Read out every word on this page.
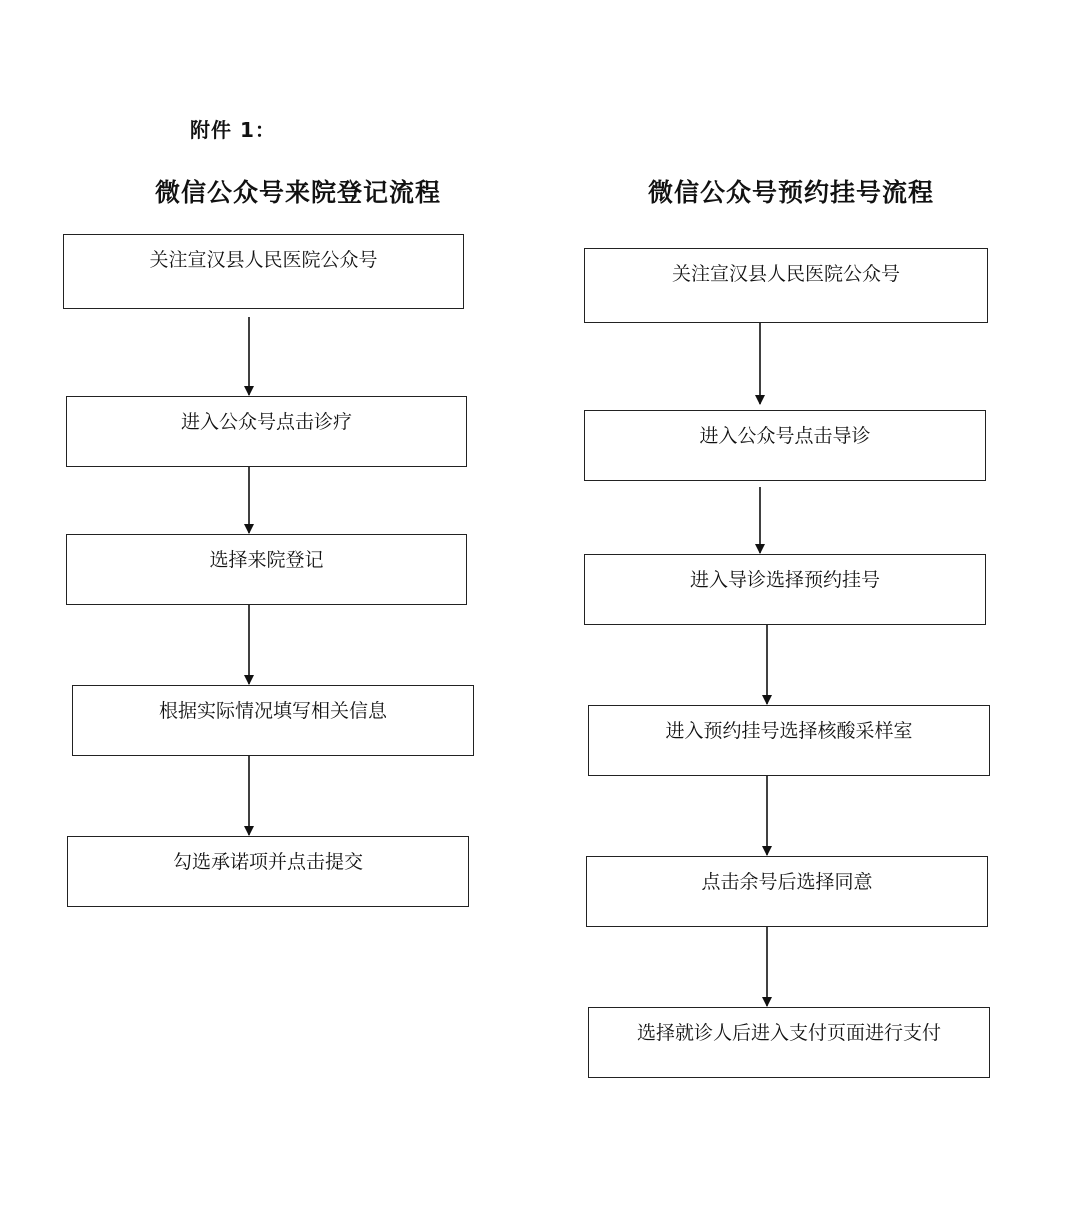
附件 1：
微信公众号来院登记流程	微信公众号预约挂号流程
关注宣汉县人民医院公众号
进入公众号点击诊疗
选择来院登记
根据实际情况填写相关信息
勾选承诺项并点击提交
关注宣汉县人民医院公众号
进入公众号点击导诊
进入导诊选择预约挂号
进入预约挂号选择核酸采样室
点击余号后选择同意
选择就诊人后进入支付页面进行支付
